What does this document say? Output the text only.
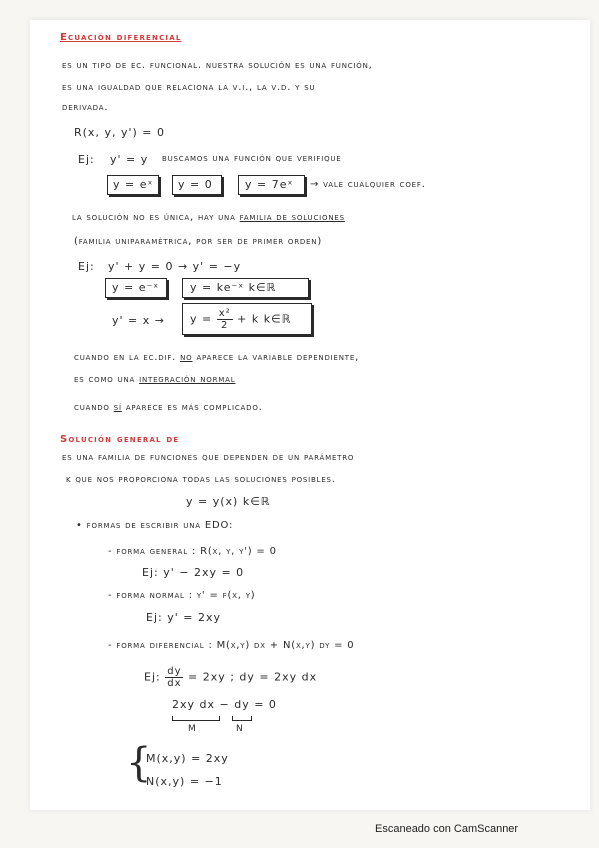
Ecuación diferencial
es un tipo de ec. funcional. nuestra solución es una función,
es una igualdad que relaciona la v.i., la v.d. y su
derivada.
R(x, y, y') = 0
Ej: y' = y buscamos una función que verifique
y = eˣ y = 0	y = 7eˣ → vale cualquier coef.
la solución no es única, hay una familia de soluciones
(familia uniparamétrica, por ser de primer orden)
Ej: y' + y = 0 → y' = −y
y = e⁻ˣ	y = ke⁻ˣ k∈ℝ
$y' = x \to y = \frac{\text{x²}}{2} + k$ k∈ℝ
cuando en la ec.dif. no aparece la variable dependiente,
es como una integración normal
cuando sí aparece es más complicado.
Solución general de
es una familia de funciones que dependen de un parámetro
k que nos proporciona todas las soluciones posibles.
y = y(x) k∈ℝ
• formas de escribir una EDO:
- forma general : R(x, y, y') = 0
Ej: y' − 2xy = 0
- forma normal : y' = f(x, y)
Ej: y' = 2xy
- forma diferencial : M(x,y) dx + N(x,y) dy = 0
Ej: $\frac{dy}{dx} = 2xy$ ; dy = 2xy dx
2xy dx − dy = 0
M	N
{
M(x,y) = 2xy
N(x,y) = −1
Escaneado con CamScanner
